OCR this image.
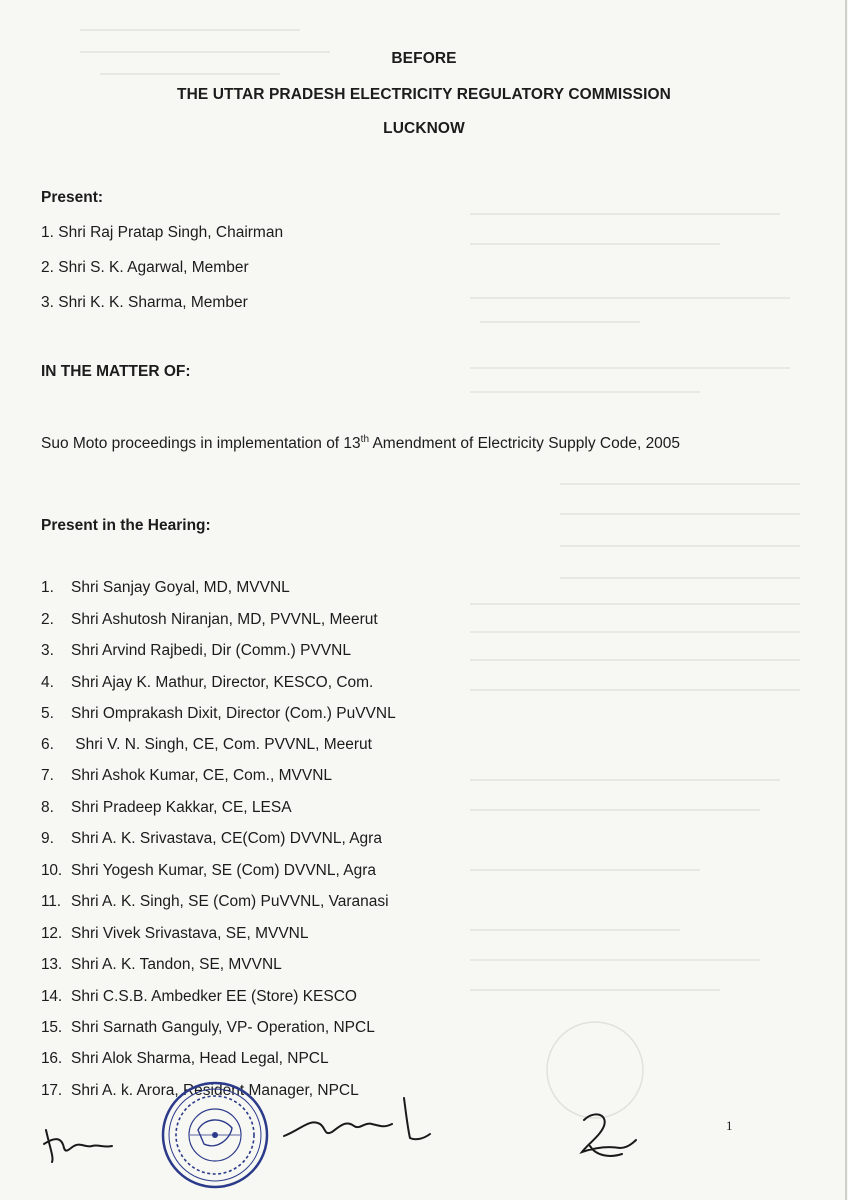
BEFORE
THE UTTAR PRADESH ELECTRICITY REGULATORY COMMISSION
LUCKNOW
Present:
1. Shri Raj Pratap Singh, Chairman
2. Shri S. K. Agarwal, Member
3. Shri K. K. Sharma, Member
IN THE MATTER OF:
Suo Moto proceedings in implementation of 13th Amendment of Electricity Supply Code, 2005
Present in the Hearing:
1. Shri Sanjay Goyal, MD, MVVNL
2. Shri Ashutosh Niranjan, MD, PVVNL, Meerut
3. Shri Arvind Rajbedi, Dir (Comm.) PVVNL
4. Shri Ajay K. Mathur, Director, KESCO, Com.
5. Shri Omprakash Dixit, Director (Com.) PuVVNL
6. Shri V. N. Singh, CE, Com. PVVNL, Meerut
7. Shri Ashok Kumar, CE, Com., MVVNL
8. Shri Pradeep Kakkar, CE, LESA
9. Shri A. K. Srivastava, CE(Com) DVVNL, Agra
10. Shri Yogesh Kumar, SE (Com) DVVNL, Agra
11. Shri A. K. Singh, SE (Com) PuVVNL, Varanasi
12. Shri Vivek Srivastava, SE, MVVNL
13. Shri A. K. Tandon, SE, MVVNL
14. Shri C.S.B. Ambedker EE (Store) KESCO
15. Shri Sarnath Ganguly, VP- Operation, NPCL
16. Shri Alok Sharma, Head Legal, NPCL
17. Shri A. k. Arora, Resident Manager, NPCL
1
